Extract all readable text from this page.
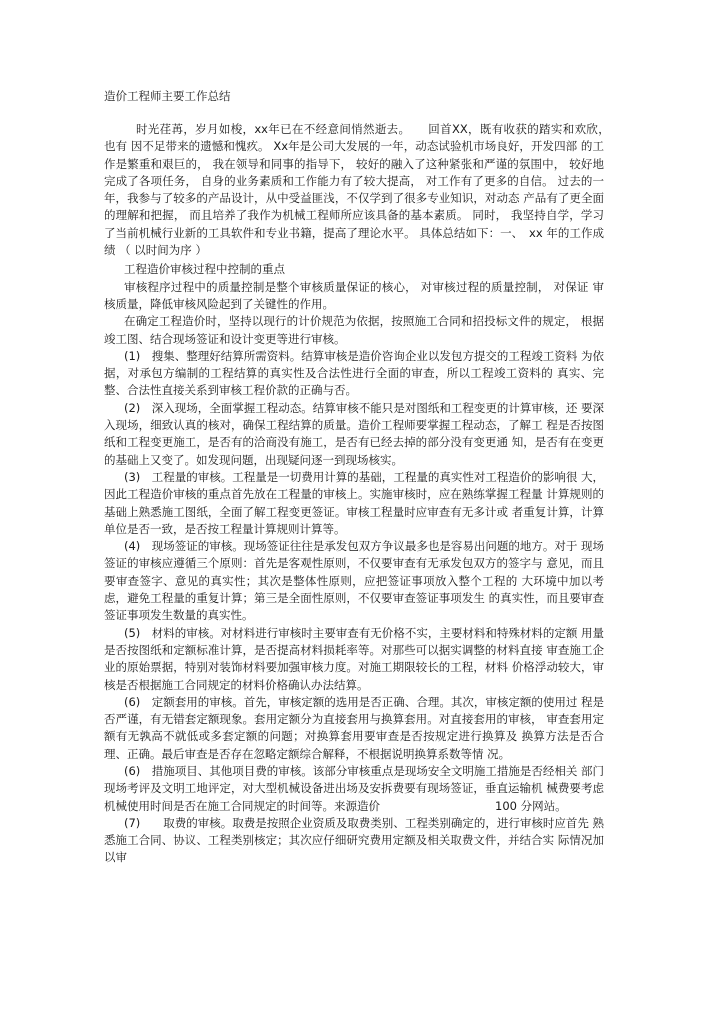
造价工程师主要工作总结

时光荏苒，岁月如梭，xx年已在不经意间悄然逝去。　　回首XX，既有收获的踏实和欢欣，　　也有 因不足带来的遗憾和愧疚。 Xx年是公司大发展的一年，动态试验机市场良好，开发四部 的工作是繁重和艰巨的， 我在领导和同事的指导下， 较好的融入了这种紧张和严谨的氛围中， 较好地完成了各项任务， 自身的业务素质和工作能力有了较大提高， 对工作有了更多的自信。 过去的一年，我参与了较多的产品设计，从中受益匪浅，不仅学到了很多专业知识，对动态 产品有了更全面的理解和把握， 而且培养了我作为机械工程师所应该具备的基本素质。 同时， 我坚持自学，学习了当前机械行业新的工具软件和专业书籍，提高了理论水平。 具体总结如下：一、　xx 年的工作成绩 （ 以时间为序 ）

工程造价审核过程中控制的重点

审核程序过程中的质量控制是整个审核质量保证的核心， 对审核过程的质量控制， 对保证 审核质量，降低审核风险起到了关键性的作用。

在确定工程造价时，坚持以现行的计价规范为依据，按照施工合同和招投标文件的规定， 根据竣工图、结合现场签证和设计变更等进行审核。

(1)　搜集、整理好结算所需资料。结算审核是造价咨询企业以发包方提交的工程竣工资料 为依据，对承包方编制的工程结算的真实性及合法性进行全面的审查，所以工程竣工资料的 真实、完整、合法性直接关系到审核工程价款的正确与否。

(2)　深入现场，全面掌握工程动态。结算审核不能只是对图纸和工程变更的计算审核，还 要深入现场，细致认真的核对，确保工程结算的质量。造价工程师要掌握工程动态，了解工 程是否按图纸和工程变更施工，是否有的洽商没有施工，是否有已经去掉的部分没有变更通 知，是否有在变更的基础上又变了。如发现问题，出现疑问逐一到现场核实。

(3)　工程量的审核。工程量是一切费用计算的基础，工程量的真实性对工程造价的影响很 大，因此工程造价审核的重点首先放在工程量的审核上。实施审核时，应在熟练掌握工程量 计算规则的基础上熟悉施工图纸，全面了解工程变更签证。审核工程量时应审查有无多计或 者重复计算，计算单位是否一致，是否按工程量计算规则计算等。

(4)　现场签证的审核。现场签证往往是承发包双方争议最多也是容易出问题的地方。对于 现场签证的审核应遵循三个原则：首先是客观性原则，不仅要审查有无承发包双方的签字与 意见，而且要审查签字、意见的真实性；其次是整体性原则，应把签证事项放入整个工程的 大环境中加以考虑，避免工程量的重复计算；第三是全面性原则，不仅要审查签证事项发生 的真实性，而且要审查签证事项发生数量的真实性。

(5)　材料的审核。对材料进行审核时主要审查有无价格不实，主要材料和特殊材料的定额 用量是否按图纸和定额标准计算，是否提高材料损耗率等。对那些可以据实调整的材料直接 审查施工企业的原始票据，特别对装饰材料要加强审核力度。对施工期限较长的工程，材料 价格浮动较大，审核是否根据施工合同规定的材料价格确认办法结算。

(6)　定额套用的审核。首先，审核定额的选用是否正确、合理。其次，审核定额的使用过 程是否严谨，有无错套定额现象。套用定额分为直接套用与换算套用。对直接套用的审核， 审查套用定额有无孰高不就低或多套定额的问题；对换算套用要审查是否按规定进行换算及 换算方法是否合理、正确。最后审查是否存在忽略定额综合解释，不根据说明换算系数等情 况。

(6)　措施项目、其他项目费的审核。该部分审核重点是现场安全文明施工措施是否经相关 部门现场考评及文明工地评定，对大型机械设备进出场及安拆费要有现场签证，垂直运输机 械费要考虑机械使用时间是否在施工合同规定的时间等。来源造价　　　　　　　　　　100 分网站。

(7)　　取费的审核。取费是按照企业资质及取费类别、工程类别确定的，进行审核时应首先 熟悉施工合同、协议、工程类别核定；其次应仔细研究费用定额及相关取费文件，并结合实 际情况加以审
